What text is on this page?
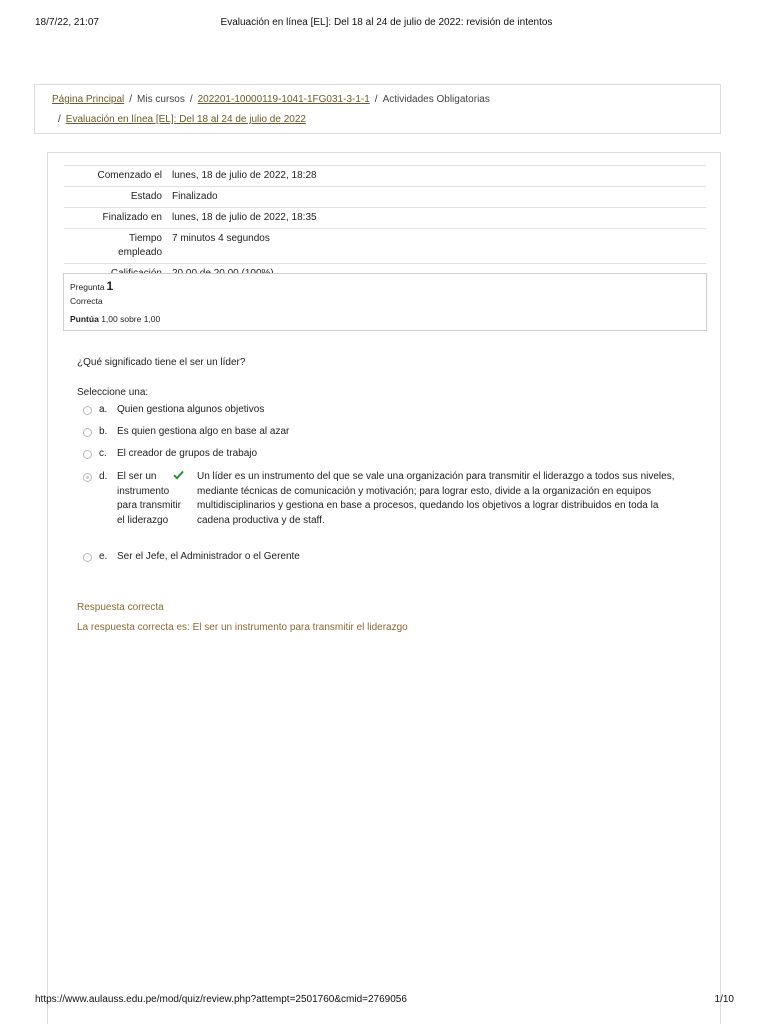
18/7/22, 21:07	Evaluación en línea [EL]: Del 18 al 24 de julio de 2022: revisión de intentos
Página Principal / Mis cursos / 202201-10000119-1041-1FG031-3-1-1 / Actividades Obligatorias
/ Evaluación en línea [EL]: Del 18 al 24 de julio de 2022
Comenzado el	lunes, 18 de julio de 2022, 18:28
Estado	Finalizado
Finalizado en	lunes, 18 de julio de 2022, 18:35
Tiempo empleado	7 minutos 4 segundos

Pregunta 1
Correcta
Puntúa 1,00 sobre 1,00
¿Qué significado tiene el ser un líder?
Seleccione una:
a. Quien gestiona algunos objetivos
b. Es quien gestiona algo en base al azar
c. El creador de grupos de trabajo
d. El ser un instrumento para transmitir el liderazgo
Un líder es un instrumento del que se vale una organización para transmitir el liderazgo a todos sus niveles, mediante técnicas de comunicación y motivación; para lograr esto, divide a la organización en equipos multidisciplinarios y gestiona en base a procesos, quedando los objetivos a lograr distribuidos en toda la cadena productiva y de staff.
e. Ser el Jefe, el Administrador o el Gerente
Respuesta correcta
La respuesta correcta es: El ser un instrumento para transmitir el liderazgo
https://www.aulauss.edu.pe/mod/quiz/review.php?attempt=2501760&cmid=2769056	1/10
